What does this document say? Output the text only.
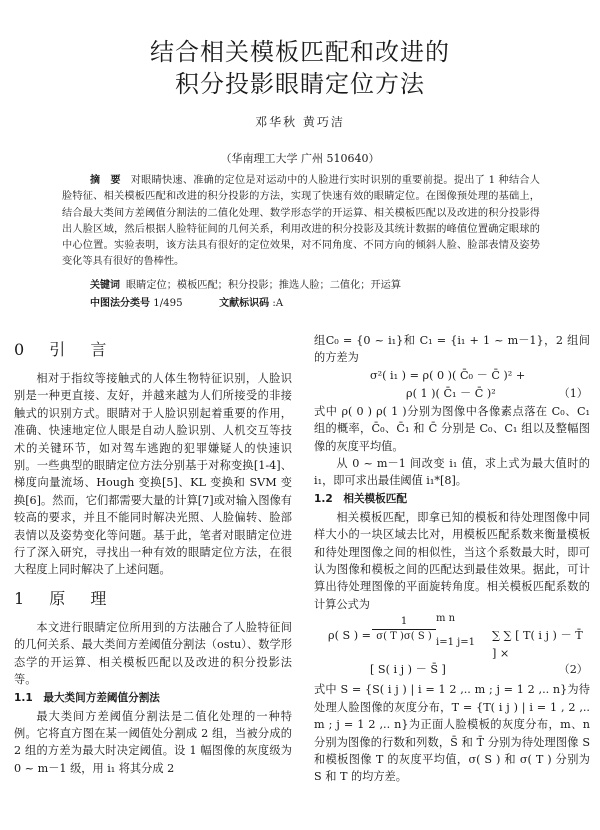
结合相关模板匹配和改进的
积分投影眼睛定位方法
邓华秋 黄巧洁
（华南理工大学 广州 510640）
摘　要 对眼睛快速、准确的定位是对运动中的人脸进行实时识别的重要前提。提出了 1 种结合人脸特征、相关模板匹配和改进的积分投影的方法，实现了快速有效的眼睛定位。在图像预处理的基础上，结合最大类间方差阈值分割法的二值化处理、数学形态学的开运算、相关模板匹配以及改进的积分投影得出人脸区域，然后根据人脸特征间的几何关系，利用改进的积分投影及其统计数据的峰值位置确定眼球的中心位置。实验表明，该方法具有很好的定位效果，对不同角度、不同方向的倾斜人脸、脸部表情及姿势变化等具有很好的鲁棒性。
关键词 眼睛定位；模板匹配；积分投影；推选人脸；二值化；开运算
中图法分类号 1/495	文献标识码 :A
0 引 言

相对于指纹等接触式的人体生物特征识别，人脸识别是一种更直接、友好，并越来越为人们所接受的非接触式的识别方式。眼睛对于人脸识别起着重要的作用，准确、快速地定位人眼是自动人脸识别、人机交互等技术的关键环节，如对驾车逃跑的犯罪嫌疑人的快速识别。一些典型的眼睛定位方法分别基于对称变换[1-4]、梯度向量流场、Hough 变换[5]、KL 变换和 SVM 变换[6]。然而，它们都需要大量的计算[7]或对输入图像有较高的要求，并且不能同时解决光照、人脸偏转、脸部表情以及姿势变化等问题。基于此，笔者对眼睛定位进行了深入研究，寻找出一种有效的眼睛定位方法，在很大程度上同时解决了上述问题。

1 原 理

本文进行眼睛定位所用到的方法融合了人脸特征间的几何关系、最大类间方差阈值分割法（ostu）、数学形态学的开运算、相关模板匹配以及改进的积分投影法等。

1.1　最大类间方差阈值分割法

最大类间方差阈值分割法是二值化处理的一种特例。它将直方图在某一阈值处分割成 2 组，当被分成的 2 组的方差为最大时决定阈值。设 1 幅图像的灰度级为 0 ~ m－1 级，用 i₁ 将其分成 2

组C₀ = {0 ~ i₁}和 C₁ = {i₁ + 1 ~ m－1}，2 组间的方差为

σ²( i₁ ) = ρ( 0 )( C̄₀ － C̄ )² +
ρ( 1 )( C̄₁ － C̄ )²	（1）

式中 ρ( 0 ) ρ( 1 )分别为图像中各像素点落在 C₀、C₁ 组的概率，C̄₀、C̄₁ 和 C̄ 分别是 C₀、C₁ 组以及整幅图像的灰度平均值。

从 0 ~ m－1 间改变 i₁ 值，求上式为最大值时的 i₁，即可求出最佳阈值 i₁*[8]。

1.2　相关模板匹配

相关模板匹配，即拿已知的模板和待处理图像中同样大小的一块区域去比对，用模板匹配系数来衡量模板和待处理图像之间的相似性，当这个系数最大时，即可认为图像和模板之间的匹配达到最佳效果。据此，可计算出待处理图像的平面旋转角度。相关模板匹配系数的计算公式为

ρ( S ) = $\frac{1}{\sigma( T )\sigma( S )}$ m n
i=1 j=1
∑ ∑ [ T( i j ) － T̄ ] ×
[ S( i j ) － S̄ ]	（2）

式中 S = {S( i j ) | i = 1 2 ,.. m ; j = 1 2 ,.. n}为待处理人脸图像的灰度分布，T = {T( i j ) | i = 1 , 2 ,.. m ; j = 1 2 ,.. n}为正面人脸模板的灰度分布，m、n 分别为图像的行数和列数，S̄ 和 T̄ 分别为待处理图像 S 和模板图像 T 的灰度平均值，σ( S ) 和 σ( T ) 分别为 S 和 T 的均方差。
